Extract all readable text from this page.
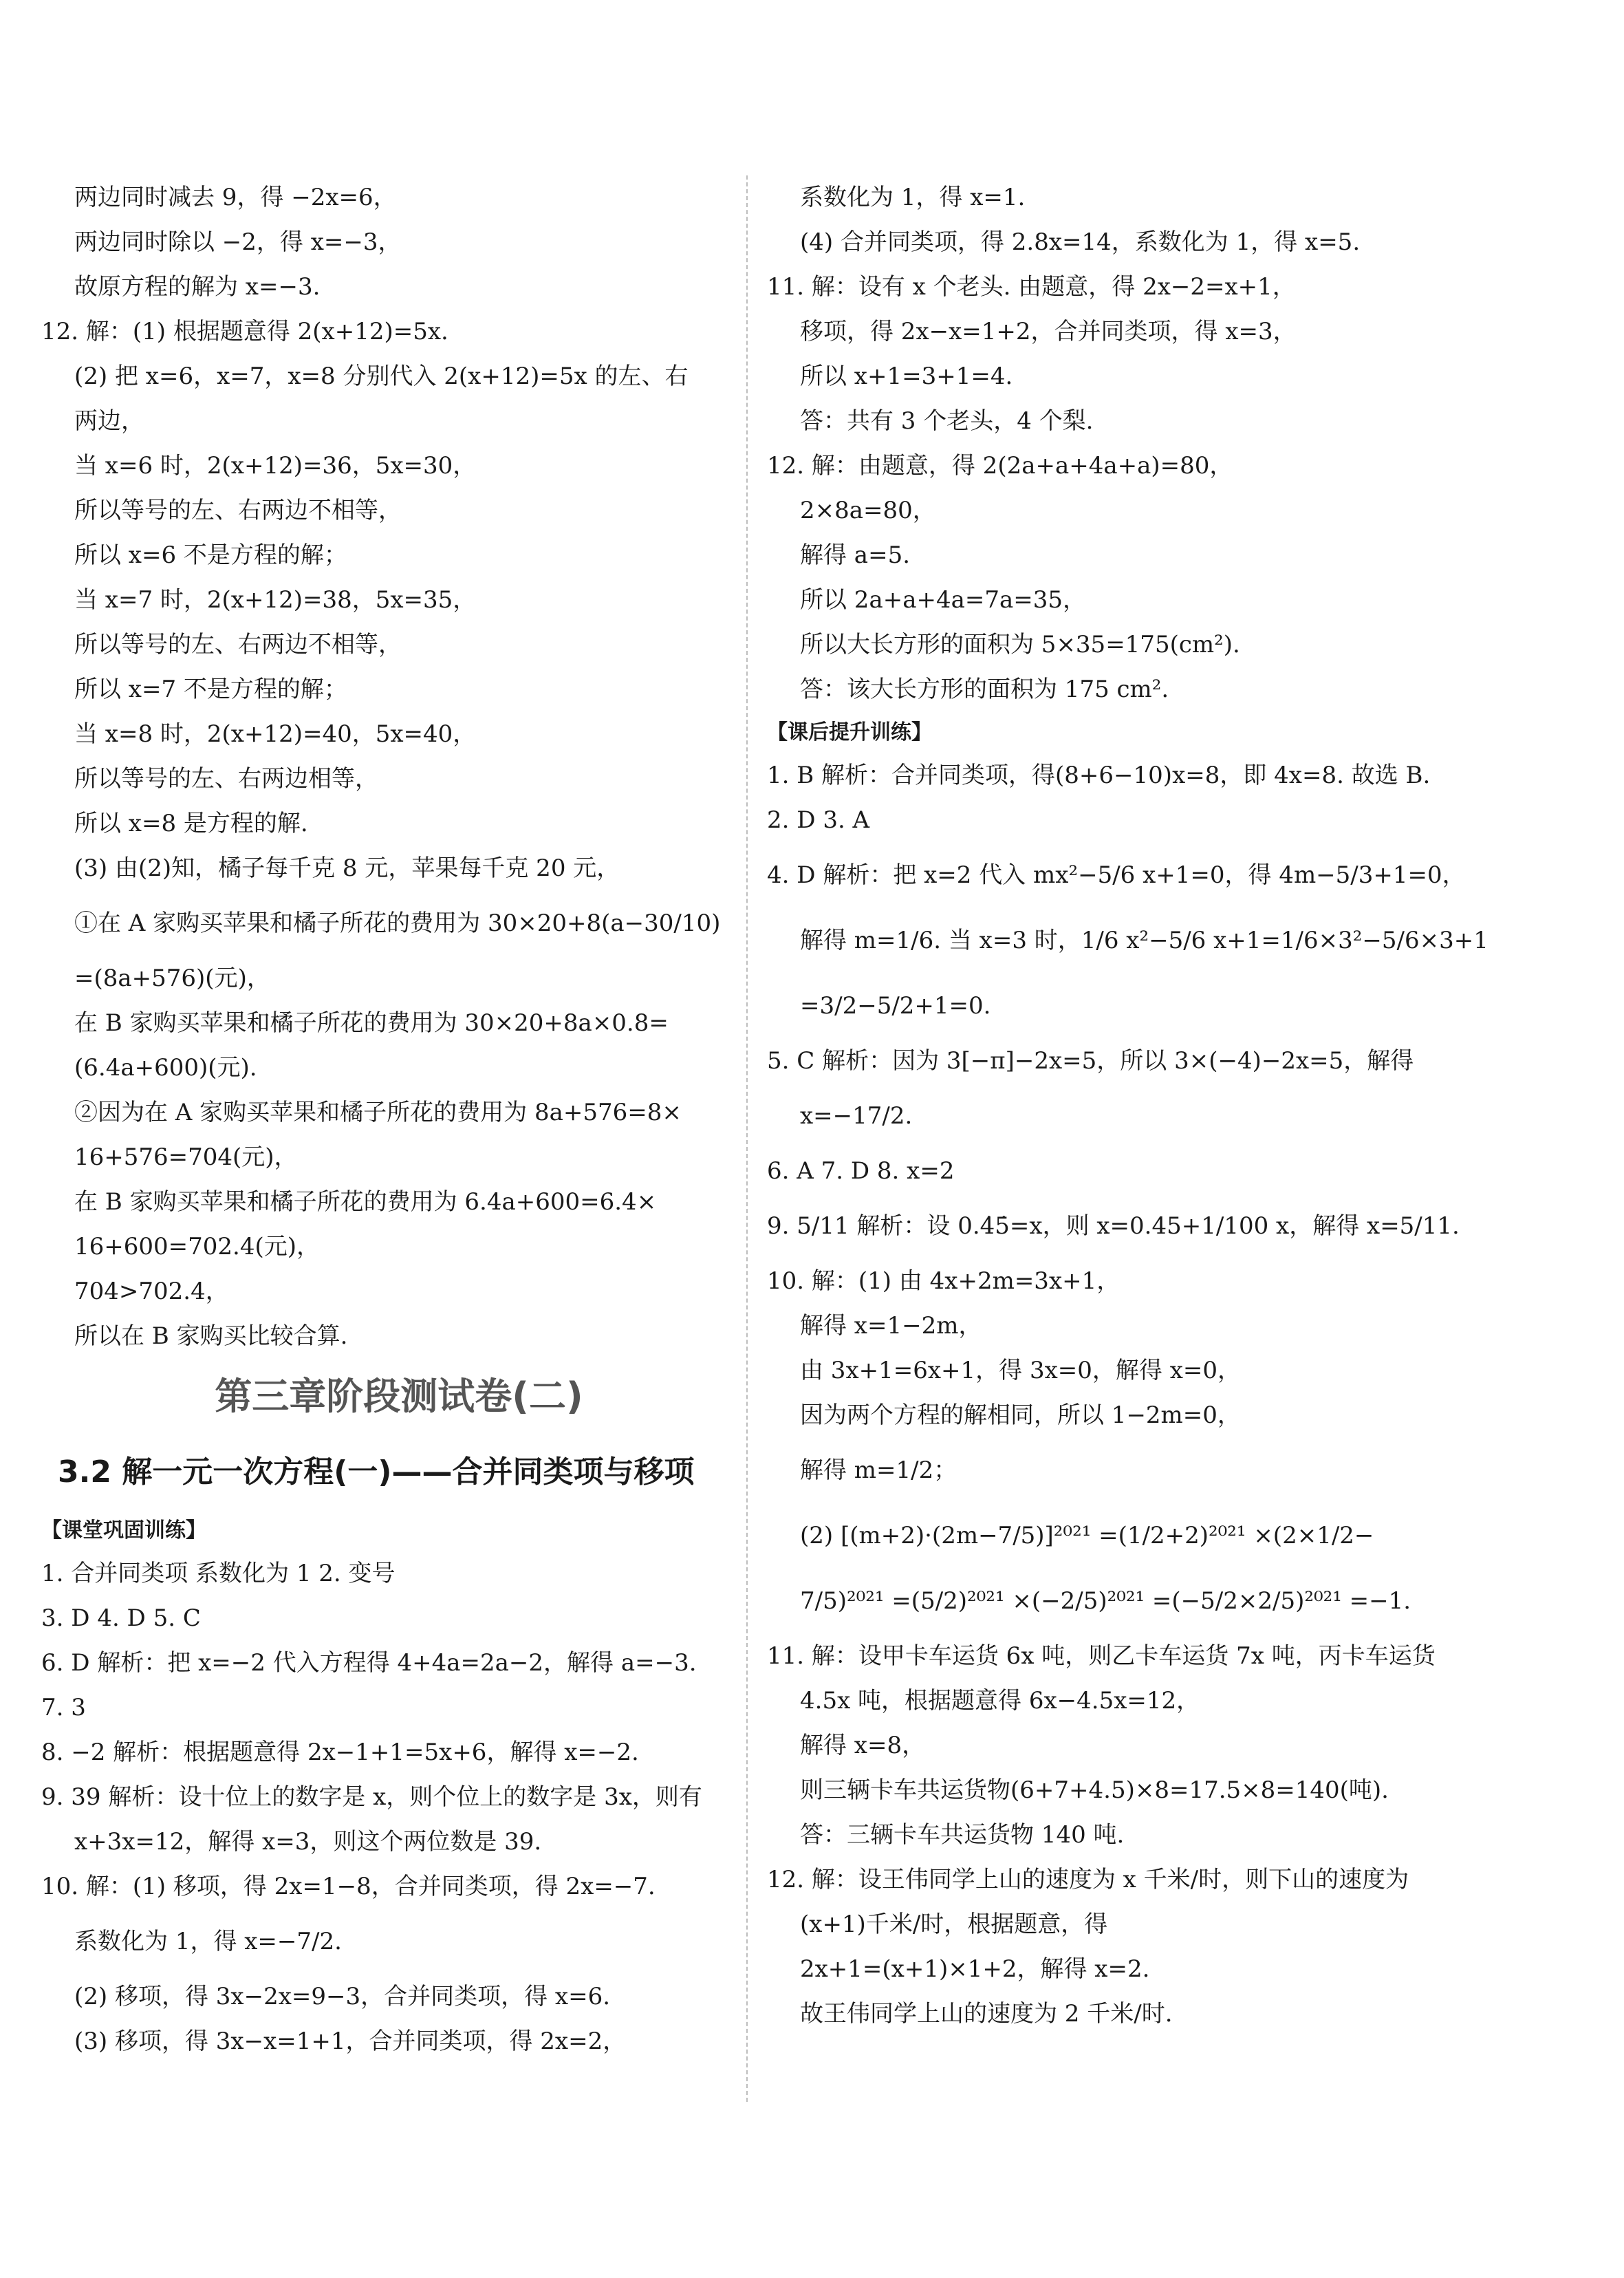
两边同时减去 9，得 −2x=6，
两边同时除以 −2，得 x=−3，
故原方程的解为 x=−3.
12. 解：(1) 根据题意得 2(x+12)=5x.
(2) 把 x=6，x=7，x=8 分别代入 2(x+12)=5x 的左、右
两边，
当 x=6 时，2(x+12)=36，5x=30，
所以等号的左、右两边不相等，
所以 x=6 不是方程的解；
当 x=7 时，2(x+12)=38，5x=35，
所以等号的左、右两边不相等，
所以 x=7 不是方程的解；
当 x=8 时，2(x+12)=40，5x=40，
所以等号的左、右两边相等，
所以 x=8 是方程的解.
(3) 由(2)知，橘子每千克 8 元，苹果每千克 20 元，
①在 A 家购买苹果和橘子所花的费用为 30×20+8(a−30/10)
=(8a+576)(元)，
在 B 家购买苹果和橘子所花的费用为 30×20+8a×0.8=
(6.4a+600)(元).
②因为在 A 家购买苹果和橘子所花的费用为 8a+576=8×
16+576=704(元)，
在 B 家购买苹果和橘子所花的费用为 6.4a+600=6.4×
16+600=702.4(元)，
704>702.4，
所以在 B 家购买比较合算.
第三章阶段测试卷(二)
3.2 解一元一次方程(一)——合并同类项与移项
【课堂巩固训练】
1. 合并同类项 系数化为 1 2. 变号
3. D 4. D 5. C
6. D 解析：把 x=−2 代入方程得 4+4a=2a−2，解得 a=−3.
7. 3
8. −2 解析：根据题意得 2x−1+1=5x+6，解得 x=−2.
9. 39 解析：设十位上的数字是 x，则个位上的数字是 3x，则有
x+3x=12，解得 x=3，则这个两位数是 39.
10. 解：(1) 移项，得 2x=1−8，合并同类项，得 2x=−7.
系数化为 1，得 x=−7/2.
(2) 移项，得 3x−2x=9−3，合并同类项，得 x=6.
(3) 移项，得 3x−x=1+1，合并同类项，得 2x=2，
系数化为 1，得 x=1.
(4) 合并同类项，得 2.8x=14，系数化为 1，得 x=5.
11. 解：设有 x 个老头. 由题意，得 2x−2=x+1，
移项，得 2x−x=1+2，合并同类项，得 x=3，
所以 x+1=3+1=4.
答：共有 3 个老头，4 个梨.
12. 解：由题意，得 2(2a+a+4a+a)=80，
2×8a=80，
解得 a=5.
所以 2a+a+4a=7a=35，
所以大长方形的面积为 5×35=175(cm²).
答：该大长方形的面积为 175 cm².
【课后提升训练】
1. B 解析：合并同类项，得(8+6−10)x=8，即 4x=8. 故选 B.
2. D 3. A
4. D 解析：把 x=2 代入 mx²−5/6 x+1=0，得 4m−5/3+1=0，
解得 m=1/6. 当 x=3 时，1/6 x²−5/6 x+1=1/6×3²−5/6×3+1
=3/2−5/2+1=0.
5. C 解析：因为 3[−π]−2x=5，所以 3×(−4)−2x=5，解得
x=−17/2.
6. A 7. D 8. x=2
9. 5/11 解析：设 0.4̇5̇=x，则 x=0.45+1/100 x，解得 x=5/11.
10. 解：(1) 由 4x+2m=3x+1，
解得 x=1−2m，
由 3x+1=6x+1，得 3x=0，解得 x=0，
因为两个方程的解相同，所以 1−2m=0，
解得 m=1/2；
(2) [(m+2)·(2m−7/5)]²⁰²¹ =(1/2+2)²⁰²¹ ×(2×1/2−
7/5)²⁰²¹ =(5/2)²⁰²¹ ×(−2/5)²⁰²¹ =(−5/2×2/5)²⁰²¹ =−1.
11. 解：设甲卡车运货 6x 吨，则乙卡车运货 7x 吨，丙卡车运货
4.5x 吨，根据题意得 6x−4.5x=12，
解得 x=8，
则三辆卡车共运货物(6+7+4.5)×8=17.5×8=140(吨).
答：三辆卡车共运货物 140 吨.
12. 解：设王伟同学上山的速度为 x 千米/时，则下山的速度为
(x+1)千米/时，根据题意，得
2x+1=(x+1)×1+2，解得 x=2.
故王伟同学上山的速度为 2 千米/时.
